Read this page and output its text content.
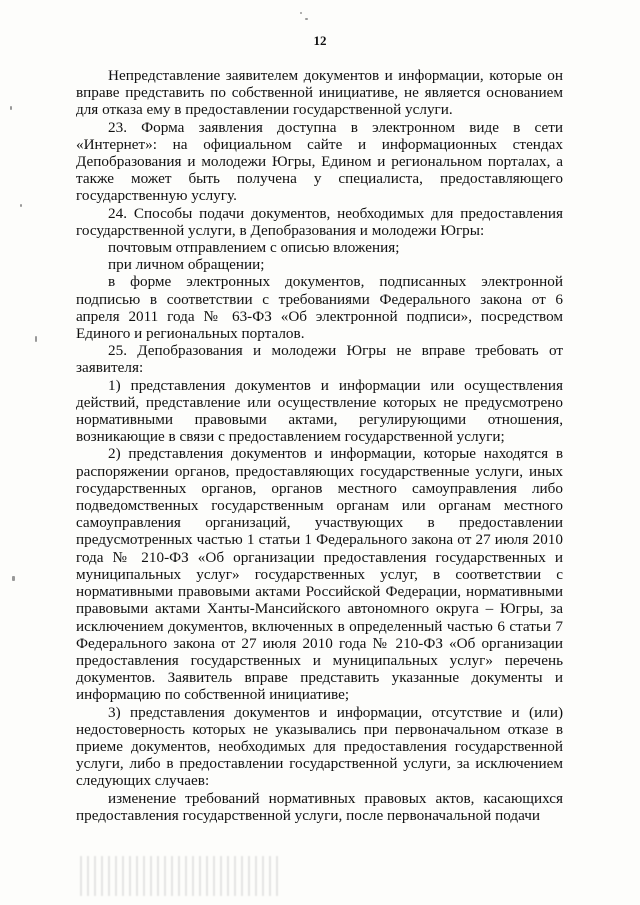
12

Непредставление заявителем документов и информации, которые он вправе представить по собственной инициативе, не является основанием для отказа ему в предоставлении государственной услуги.

23. Форма заявления доступна в электронном виде в сети «Интернет»: на официальном сайте и информационных стендах Депобразования и молодежи Югры, Едином и региональном порталах, а также может быть получена у специалиста, предоставляющего государственную услугу.

24. Способы подачи документов, необходимых для предоставления государственной услуги, в Депобразования и молодежи Югры:

почтовым отправлением с описью вложения;

при личном обращении;

в форме электронных документов, подписанных электронной подписью в соответствии с требованиями Федерального закона от 6 апреля 2011 года № 63-ФЗ «Об электронной подписи», посредством Единого и региональных порталов.

25. Депобразования и молодежи Югры не вправе требовать от заявителя:

1) представления документов и информации или осуществления действий, представление или осуществление которых не предусмотрено нормативными правовыми актами, регулирующими отношения, возникающие в связи с предоставлением государственной услуги;

2) представления документов и информации, которые находятся в распоряжении органов, предоставляющих государственные услуги, иных государственных органов, органов местного самоуправления либо подведомственных государственным органам или органам местного самоуправления организаций, участвующих в предоставлении предусмотренных частью 1 статьи 1 Федерального закона от 27 июля 2010 года № 210-ФЗ «Об организации предоставления государственных и муниципальных услуг» государственных услуг, в соответствии с нормативными правовыми актами Российской Федерации, нормативными правовыми актами Ханты-Мансийского автономного округа – Югры, за исключением документов, включенных в определенный частью 6 статьи 7 Федерального закона от 27 июля 2010 года № 210-ФЗ «Об организации предоставления государственных и муниципальных услуг» перечень документов. Заявитель вправе представить указанные документы и информацию по собственной инициативе;

3) представления документов и информации, отсутствие и (или) недостоверность которых не указывались при первоначальном отказе в приеме документов, необходимых для предоставления государственной услуги, либо в предоставлении государственной услуги, за исключением следующих случаев:

изменение требований нормативных правовых актов, касающихся предоставления государственной услуги, после первоначальной подачи
